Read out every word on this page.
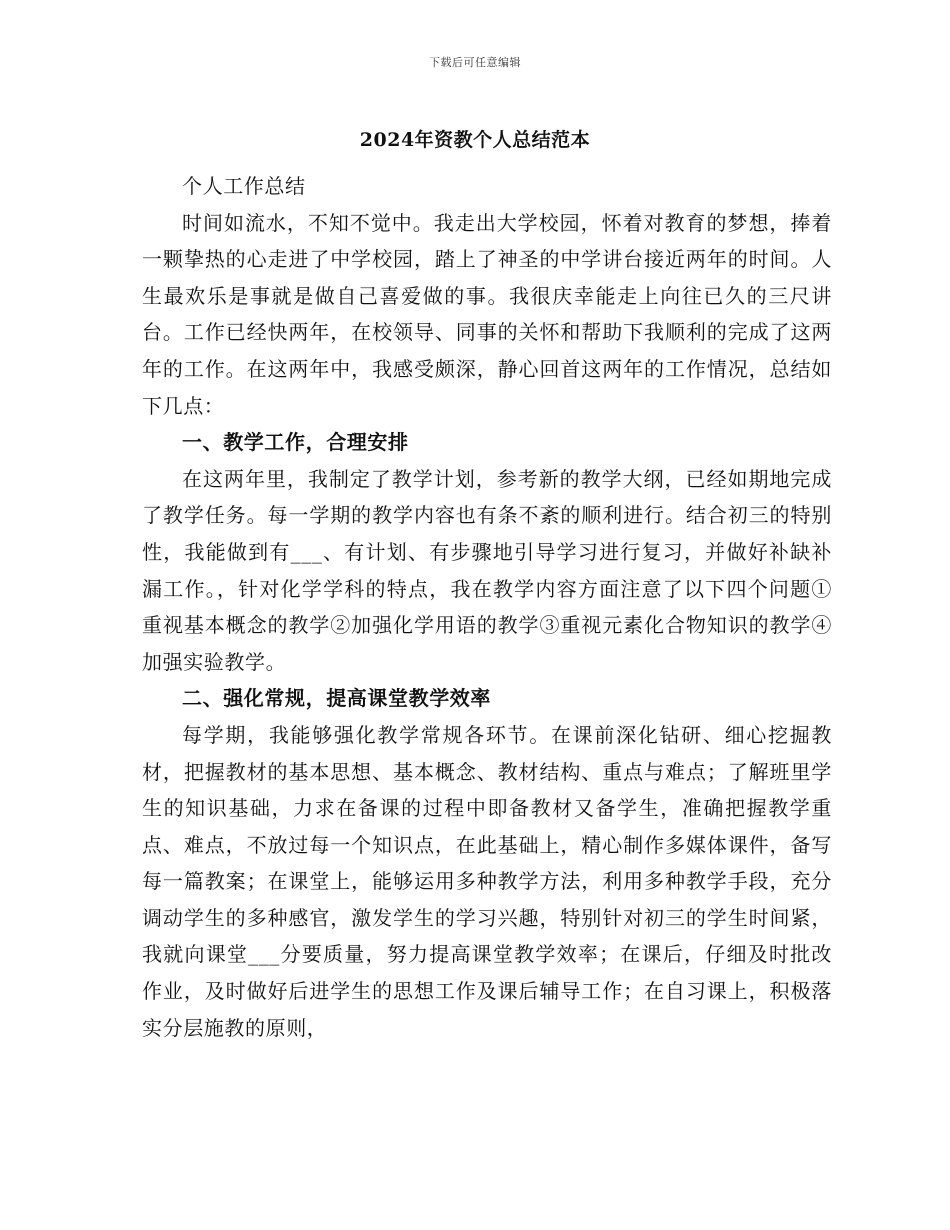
下载后可任意编辑
2024年资教个人总结范本

个人工作总结

时间如流水，不知不觉中。我走出大学校园，怀着对教育的梦想，捧着一颗挚热的心走进了中学校园，踏上了神圣的中学讲台接近两年的时间。人生最欢乐是事就是做自己喜爱做的事。我很庆幸能走上向往已久的三尺讲台。工作已经快两年，在校领导、同事的关怀和帮助下我顺利的完成了这两年的工作。在这两年中，我感受颇深，静心回首这两年的工作情况，总结如下几点：

一、教学工作，合理安排

在这两年里，我制定了教学计划，参考新的教学大纲，已经如期地完成了教学任务。每一学期的教学内容也有条不紊的顺利进行。结合初三的特别性，我能做到有___、有计划、有步骤地引导学习进行复习，并做好补缺补漏工作。，针对化学学科的特点，我在教学内容方面注意了以下四个问题①重视基本概念的教学②加强化学用语的教学③重视元素化合物知识的教学④加强实验教学。

二、强化常规，提高课堂教学效率

每学期，我能够强化教学常规各环节。在课前深化钻研、细心挖掘教材，把握教材的基本思想、基本概念、教材结构、重点与难点；了解班里学生的知识基础，力求在备课的过程中即备教材又备学生，准确把握教学重点、难点，不放过每一个知识点，在此基础上，精心制作多媒体课件，备写每一篇教案；在课堂上，能够运用多种教学方法，利用多种教学手段，充分调动学生的多种感官，激发学生的学习兴趣，特别针对初三的学生时间紧，我就向课堂___分要质量，努力提高课堂教学效率；在课后，仔细及时批改作业，及时做好后进学生的思想工作及课后辅导工作；在自习课上，积极落实分层施教的原则，
